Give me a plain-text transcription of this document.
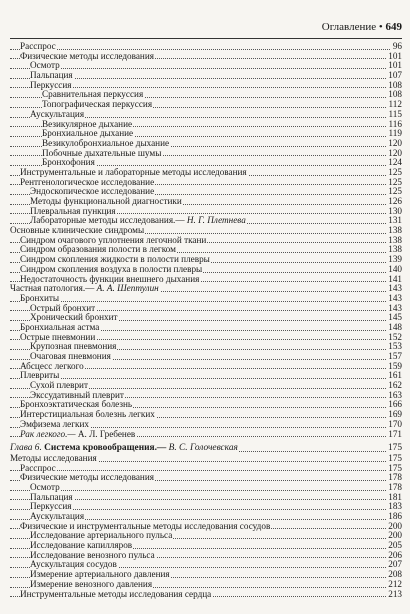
Оглавление • 649
Расспрос	96
Физические методы исследования	101
Осмотр	101
Пальпация	107
Перкуссия	108
Сравнительная перкуссия	108
Топографическая перкуссия	112
Аускультация	115
Везикулярное дыхание	116
Бронхиальное дыхание	119
Везикулобронхиальное дыхание	120
Побочные дыхательные шумы	120
Бронхофония	124
Инструментальные и лабораторные методы исследования	125
Рентгенологическое исследование	125
Эндоскопическое исследование	125
Методы функциональной диагностики	126
Плевральная пункция	130
Лабораторные методы исследования.— Н. Г. Плетнева	131
Основные клинические синдромы	138
Синдром очагового уплотнения легочной ткани	138
Синдром образования полости в легком	138
Синдром скопления жидкости в полости плевры	139
Синдром скопления воздуха в полости плевры	140
Недостаточность функции внешнего дыхания	141
Частная патология.— А. А. Шептулин	143
Бронхиты	143
Острый бронхит	143
Хронический бронхит	145
Бронхиальная астма	148
Острые пневмонии	152
Крупозная пневмония	153
Очаговая пневмония	157
Абсцесс легкого	159
Плевриты	161
Сухой плеврит	162
Экссудативный плеврит	163
Бронхоэктатическая болезнь	166
Интерстициальная болезнь легких	169
Эмфизема легких	170
Рак легкого.— А. Л. Гребенев	171
Глава 6. Система кровообращения.— В. С. Голочевская	175
Методы исследования	175
Расспрос	175
Физические методы исследования	178
Осмотр	178
Пальпация	181
Перкуссия	183
Аускультация	186
Физические и инструментальные методы исследования сосудов	200
Исследование артериального пульса	200
Исследование капилляров	205
Исследование венозного пульса	206
Аускультация сосудов	207
Измерение артериального давления	208
Измерение венозного давления	212
Инструментальные методы исследования сердца	213
